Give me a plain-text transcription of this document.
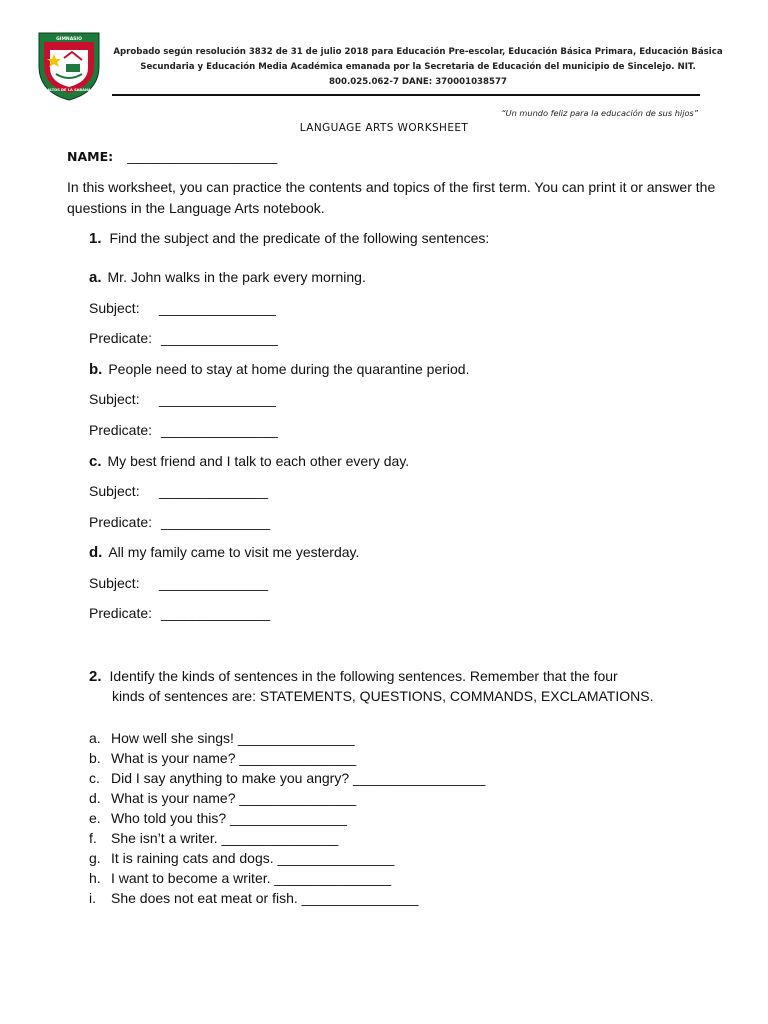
GIMNASIO
ALTOS DE LA SABANA
Aprobado según resolución 3832 de 31 de julio 2018 para Educación Pre-escolar, Educación Básica Primara, Educación Básica
Secundaria y Educación Media Académica emanada por la Secretaria de Educación del municipio de Sincelejo. NIT.
800.025.062-7 DANE: 370001038577
“Un mundo feliz para la educación de sus hijos”
LANGUAGE ARTS WORKSHEET
NAME: ____________________
In this worksheet, you can practice the contents and topics of the first term. You can print it or answer the questions in the Language Arts notebook.
1. Find the subject and the predicate of the following sentences:
a. Mr. John walks in the park every morning.
Subject: _______________
Predicate: _______________
b. People need to stay at home during the quarantine period.
Subject: _______________
Predicate: _______________
c. My best friend and I talk to each other every day.
Subject: ______________
Predicate: ______________
d. All my family came to visit me yesterday.
Subject: ______________
Predicate: ______________
2. Identify the kinds of sentences in the following sentences. Remember that the four
kinds of sentences are: STATEMENTS, QUESTIONS, COMMANDS, EXCLAMATIONS.
a. How well she sings! _______________
b. What is your name? _______________
c. Did I say anything to make you angry? _________________
d. What is your name? _______________
e. Who told you this? _______________
f. She isn’t a writer. _______________
g. It is raining cats and dogs. _______________
h. I want to become a writer. _______________
i. She does not eat meat or fish. _______________
